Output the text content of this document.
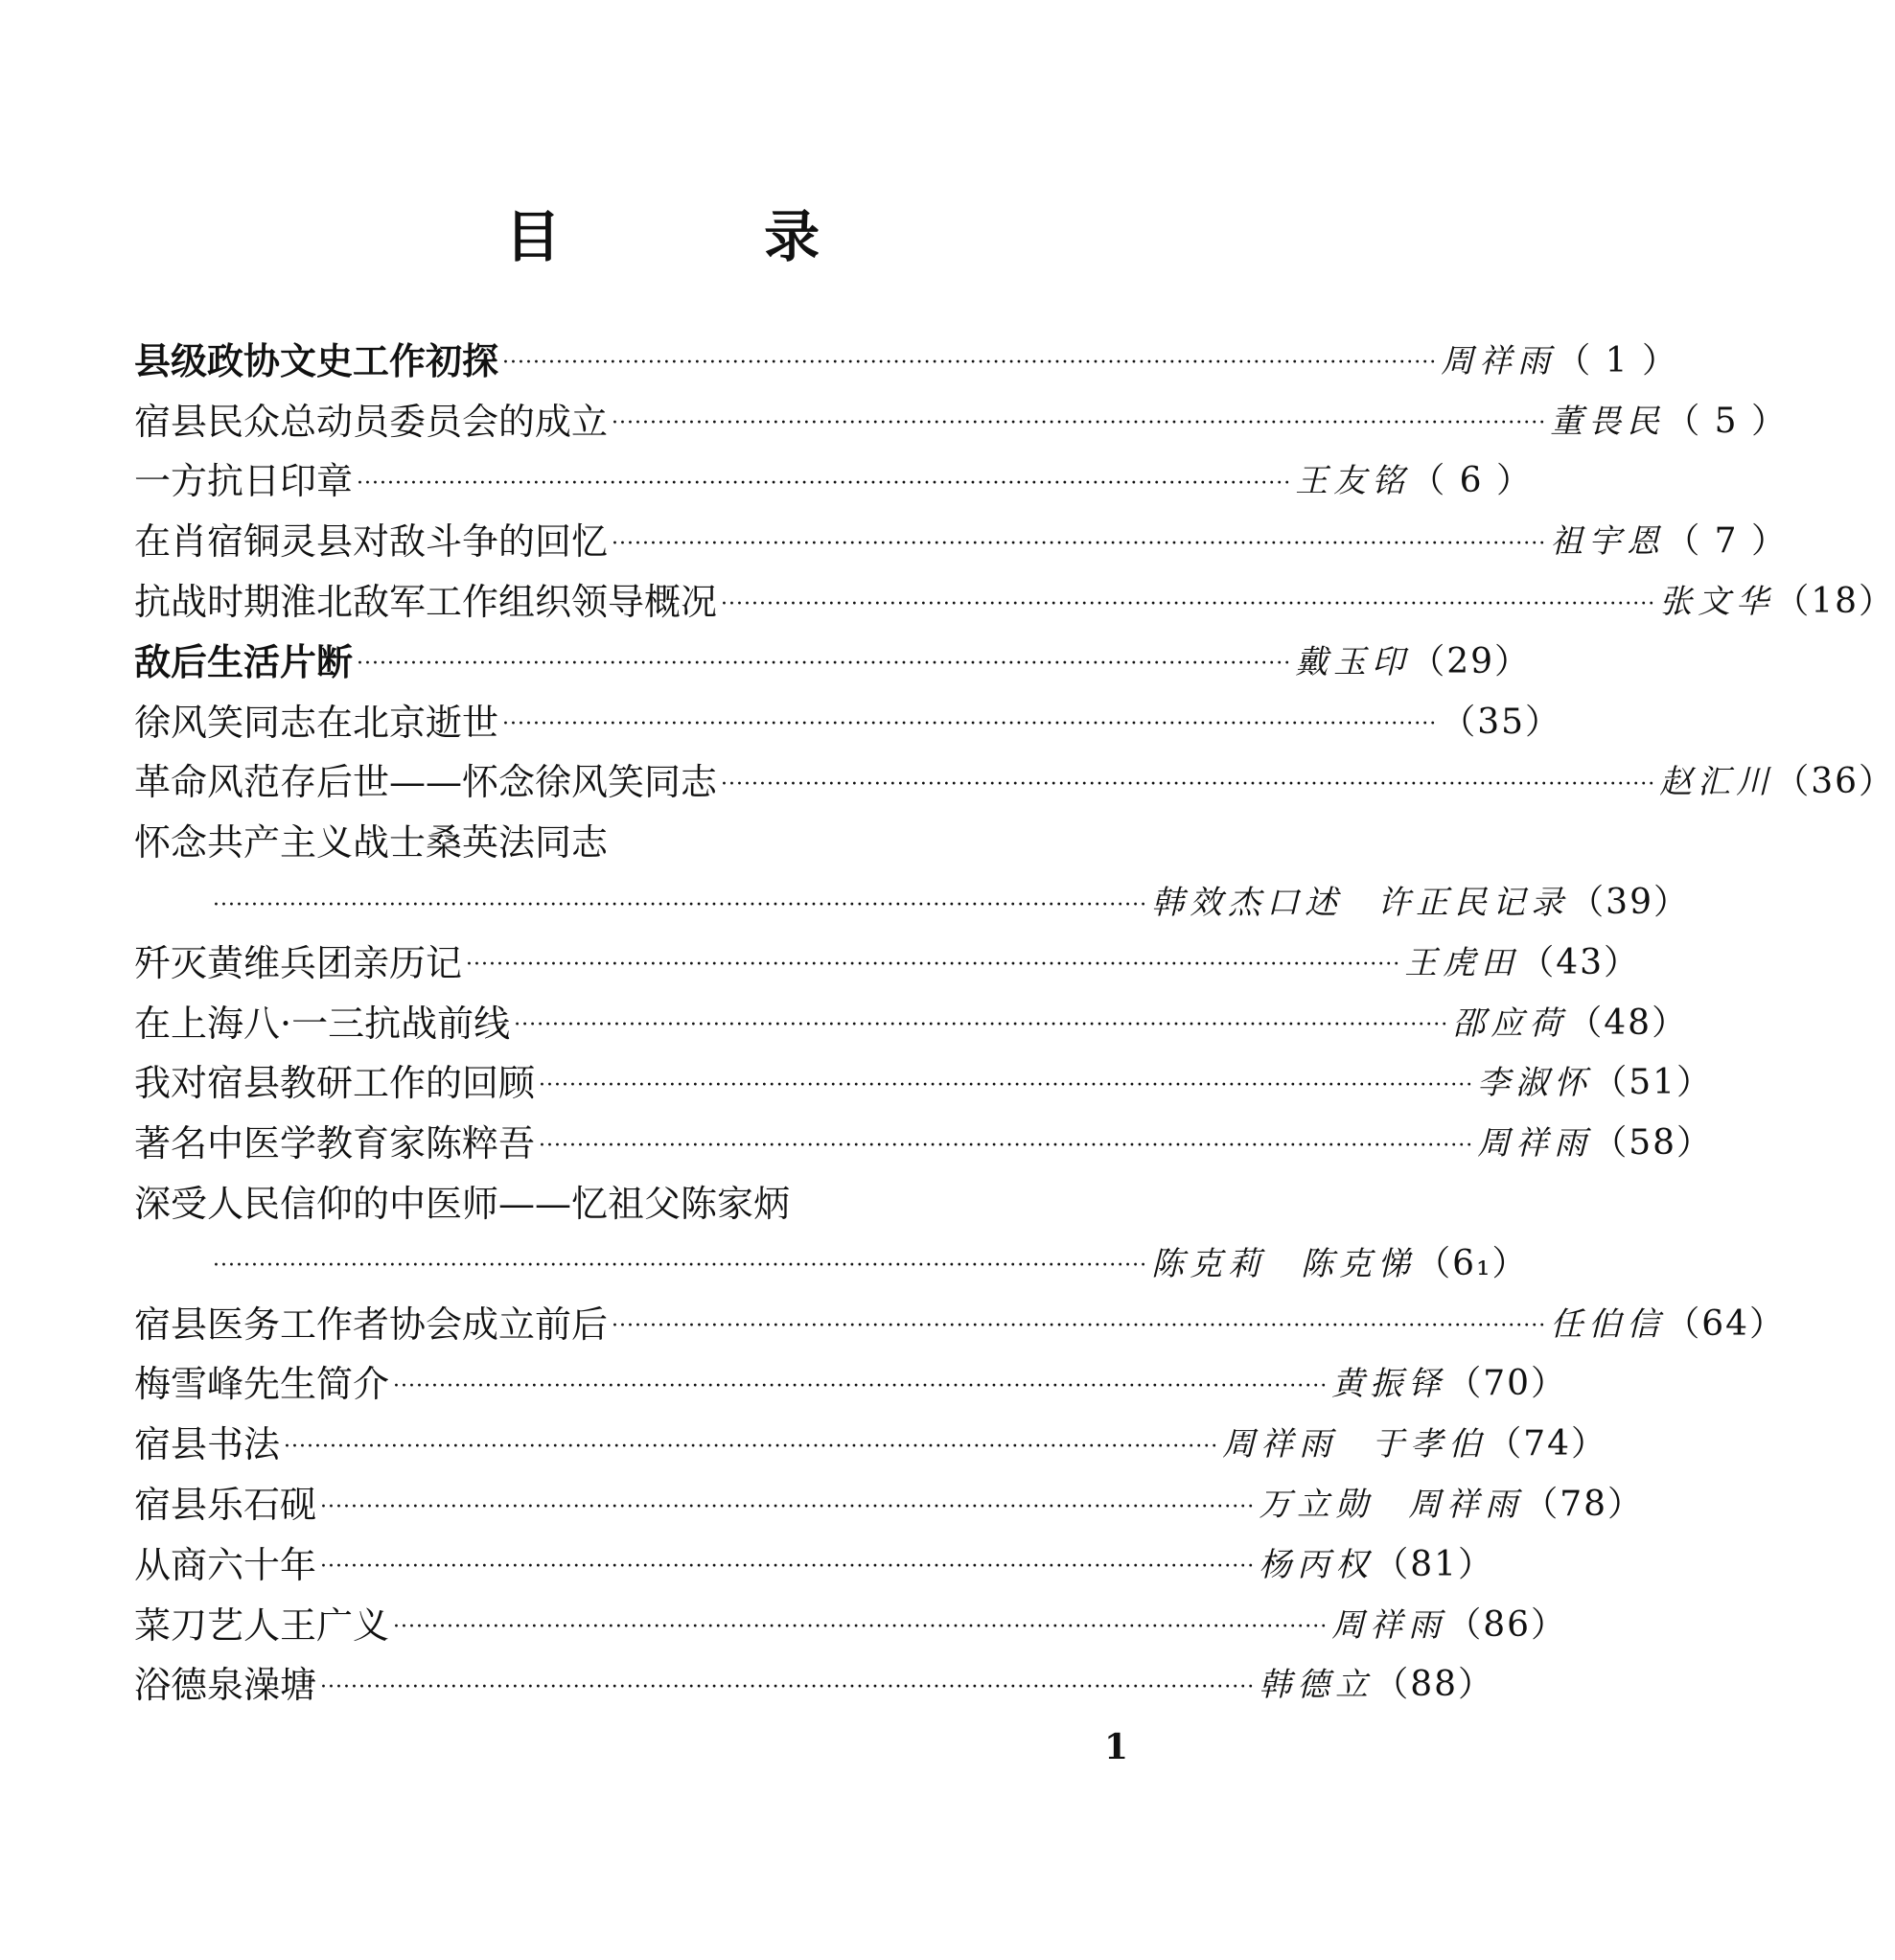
目 录
县级政协文史工作初探 ·························································································································· 周祥雨 （ 1 ）
宿县民众总动员委员会的成立 ·························································································································· 董畏民 （ 5 ）
一方抗日印章 ·························································································································· 王友铭 （ 6 ）
在肖宿铜灵县对敌斗争的回忆 ·························································································································· 祖宇恩 （ 7 ）
抗战时期淮北敌军工作组织领导概况 ·························································································································· 张文华 （18）
敌后生活片断 ·························································································································· 戴玉印 （29）
徐风笑同志在北京逝世 ·························································································································· （35）
革命风范存后世——怀念徐风笑同志 ·························································································································· 赵汇川 （36）
怀念共产主义战士桑英法同志
·························································································································· 韩效杰口述 许正民记录 （39）
歼灭黄维兵团亲历记 ·························································································································· 王虎田 （43）
在上海八·一三抗战前线 ·························································································································· 邵应荷 （48）
我对宿县教研工作的回顾 ·························································································································· 李淑怀 （51）
著名中医学教育家陈粹吾 ·························································································································· 周祥雨 （58）
深受人民信仰的中医师——忆祖父陈家炳
·························································································································· 陈克莉 陈克悌 （6₁）
宿县医务工作者协会成立前后 ·························································································································· 任伯信 （64）
梅雪峰先生简介 ·························································································································· 黄振铎 （70）
宿县书法 ·························································································································· 周祥雨 于孝伯 （74）
宿县乐石砚 ·························································································································· 万立勋 周祥雨 （78）
从商六十年 ·························································································································· 杨丙权 （81）
菜刀艺人王广义 ·························································································································· 周祥雨 （86）
浴德泉澡塘 ·························································································································· 韩德立 （88）
1
